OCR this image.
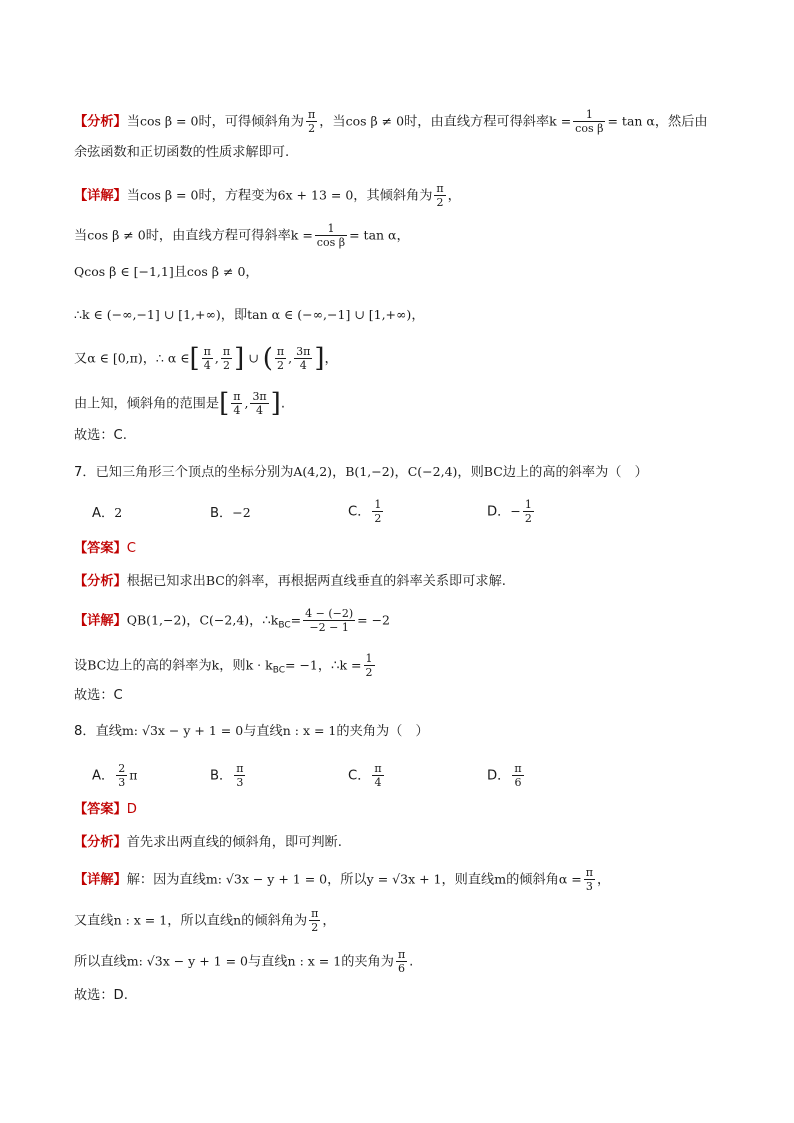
【分析】当cos β = 0时，可得倾斜角为 $\frac{\pi}{2}$ ，当cos β ≠ 0时，由直线方程可得斜率$k = \frac{1}{\text{cos β}} = \tan \alpha$，然后由
余弦函数和正切函数的性质求解即可.
【详解】当cos β = 0时，方程变为6x + 13 = 0，其倾斜角为 $\frac{\pi}{2}$ ，
当cos β ≠ 0时，由直线方程可得斜率$k = \frac{1}{\text{cos β}} = \tan \alpha$，
Qcos β ∈ [−1,1]且cos β ≠ 0，
∴k ∈ (−∞,−1] ∪ [1,+∞)，即tan α ∈ (−∞,−1] ∪ [1,+∞)，
又α ∈ [0,π)，∴ α ∈[ $\frac{\pi}{4}$ , $\frac{\pi}{2}$ ] ∪ ( $\frac{\pi}{2}$ , $\frac{3\pi}{4}$ ]，
由上知，倾斜角的范围是[ $\frac{\pi}{4}$ , $\frac{3\pi}{4}$ ].
故选：C.
7．已知三角形三个顶点的坐标分别为A(4,2)，B(1,−2)，C(−2,4)，则BC边上的高的斜率为（　）
A．2	B．−2	C． $\frac{1}{2}$	D．− $\frac{1}{2}$
【答案】C
【分析】根据已知求出BC的斜率，再根据两直线垂直的斜率关系即可求解.
【详解】QB(1,−2)，C(−2,4)，$\therefore k_{BC}= \frac{4 - (-2)}{-2 - 1} = -2$
设BC边上的高的斜率为k，则$k \cdot k_{BC}= -1$，∴k = $\frac{1}{2}$
故选：C
8．直线m: √3x − y + 1 = 0与直线n : x = 1的夹角为（　）
A． $\frac{2}{3}$ π	B． $\frac{\pi}{3}$	C． $\frac{\pi}{4}$	D． $\frac{\pi}{6}$
【答案】D
【分析】首先求出两直线的倾斜角，即可判断.
【详解】解：因为直线m: √3x − y + 1 = 0，所以y = √3x + 1，则直线m的倾斜角$\alpha = \frac{\pi}{3}$ ，
又直线n : x = 1，所以直线n的倾斜角为 $\frac{\pi}{2}$ ，
所以直线m: √3x − y + 1 = 0与直线n : x = 1的夹角为 $\frac{\pi}{6}$ .
故选：D.
